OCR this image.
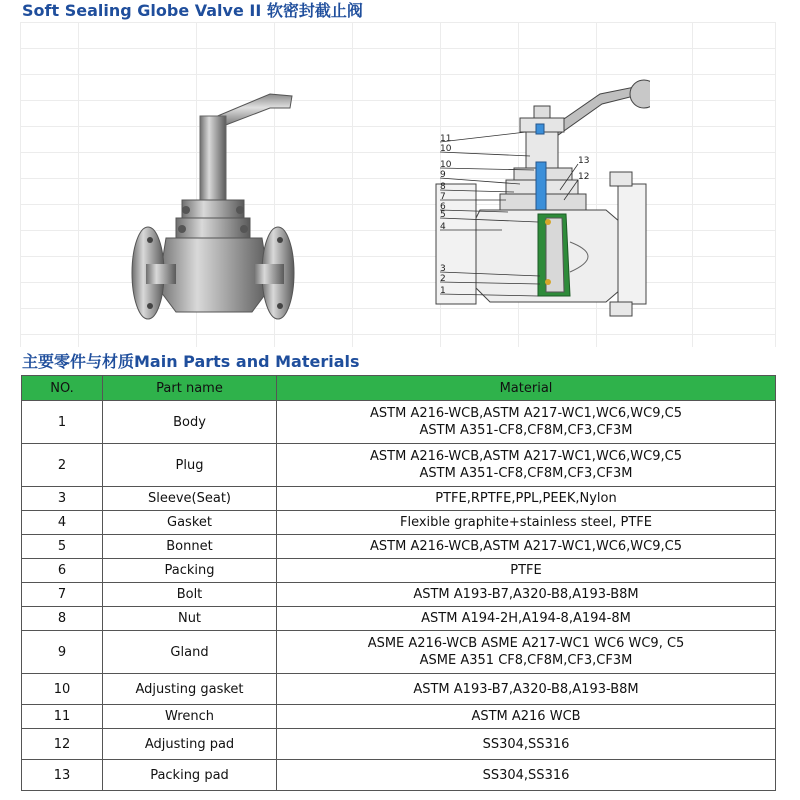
Soft Sealing Globe Valve II 软密封截止阀
11
10
10
9
8
7
6
5
4
3
2
1
13
12
主要零件与材质Main Parts and Materials
NO.	Part name	Material
1	Body	ASTM A216-WCB,ASTM A217-WC1,WC6,WC9,C5
ASTM A351-CF8,CF8M,CF3,CF3M

2	Plug	ASTM A216-WCB,ASTM A217-WC1,WC6,WC9,C5
ASTM A351-CF8,CF8M,CF3,CF3M

3	Sleeve(Seat)	PTFE,RPTFE,PPL,PEEK,Nylon

4	Gasket	Flexible graphite+stainless steel, PTFE

5	Bonnet	ASTM A216-WCB,ASTM A217-WC1,WC6,WC9,C5

6	Packing	PTFE

7	Bolt	ASTM A193-B7,A320-B8,A193-B8M

8	Nut	ASTM A194-2H,A194-8,A194-8M

9	Gland	ASME A216-WCB ASME A217-WC1 WC6 WC9, C5
ASME A351 CF8,CF8M,CF3,CF3M

10	Adjusting gasket	ASTM A193-B7,A320-B8,A193-B8M

11	Wrench	ASTM A216 WCB

12	Adjusting pad	SS304,SS316

13	Packing pad	SS304,SS316
